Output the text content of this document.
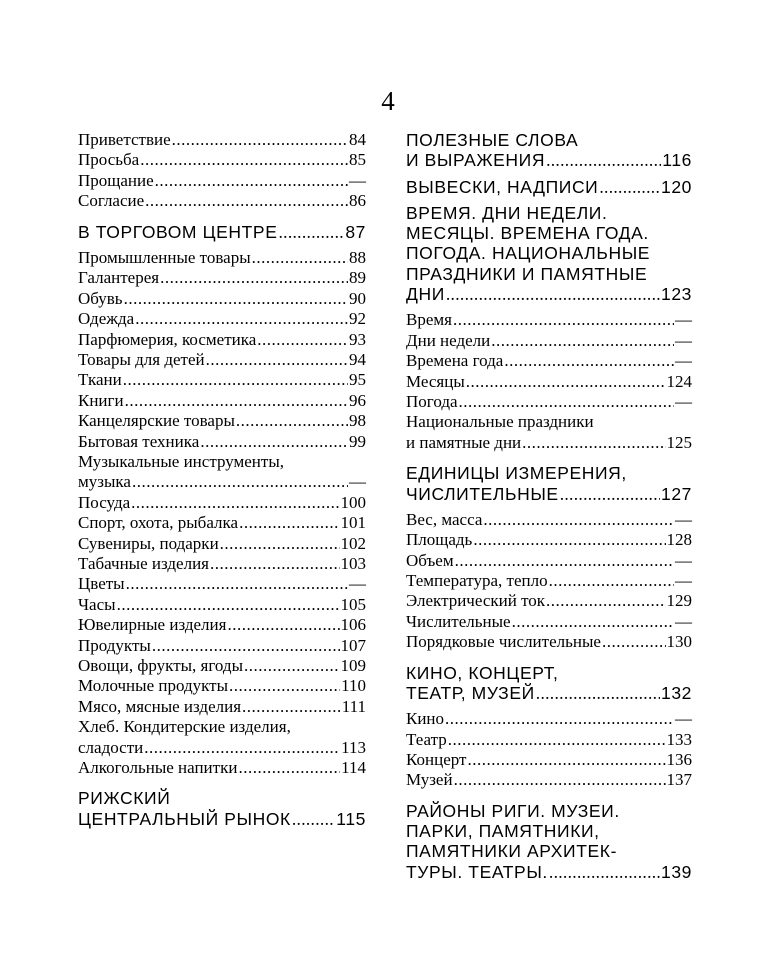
4
Приветствие .....	84
Просьба .....	85
Прощание .....	—
Согласие .....	86
В ТОРГОВОМ ЦЕНТРЕ .....	87
Промышленные товары .....	88
Галантерея .....	89
Обувь .....	90
Одежда .....	92
Парфюмерия, косметика .....	93
Товары для детей .....	94
Ткани .....	95
Книги .....	96
Канцелярские товары .....	98
Бытовая техника .....	99
Музыкальные инструменты,
музыка .....	—
Посуда .....	100
Спорт, охота, рыбалка .....	101
Сувениры, подарки .....	102
Табачные изделия .....	103
Цветы .....	—
Часы .....	105
Ювелирные изделия .....	106
Продукты .....	107
Овощи, фрукты, ягоды .....	109
Молочные продукты .....	110
Мясо, мясные изделия .....	111
Хлеб. Кондитерские изделия,
сладости .....	113
Алкогольные напитки .....	114
РИЖСКИЙ
ЦЕНТРАЛЬНЫЙ РЫНОК .....	115
ПОЛЕЗНЫЕ СЛОВА
И ВЫРАЖЕНИЯ .....	116
ВЫВЕСКИ, НАДПИСИ .....	120
ВРЕМЯ. ДНИ НЕДЕЛИ.
МЕСЯЦЫ. ВРЕМЕНА ГОДА.
ПОГОДА. НАЦИОНАЛЬНЫЕ
ПРАЗДНИКИ И ПАМЯТНЫЕ
ДНИ .....	123
Время .....	—
Дни недели .....	—
Времена года .....	—
Месяцы .....	124
Погода .....	—
Национальные праздники
и памятные дни .....	125
ЕДИНИЦЫ ИЗМЕРЕНИЯ,
ЧИСЛИТЕЛЬНЫЕ .....	127
Вес, масса .....	—
Площадь .....	128
Объем .....	—
Температура, тепло .....	—
Электрический ток .....	129
Числительные .....	—
Порядковые числительные .....	130
КИНО, КОНЦЕРТ,
ТЕАТР, МУЗЕЙ .....	132
Кино .....	—
Театр .....	133
Концерт .....	136
Музей .....	137
РАЙОНЫ РИГИ. МУЗЕИ.
ПАРКИ, ПАМЯТНИКИ,
ПАМЯТНИКИ АРХИТЕК-
ТУРЫ. ТЕАТРЫ. .....	139
